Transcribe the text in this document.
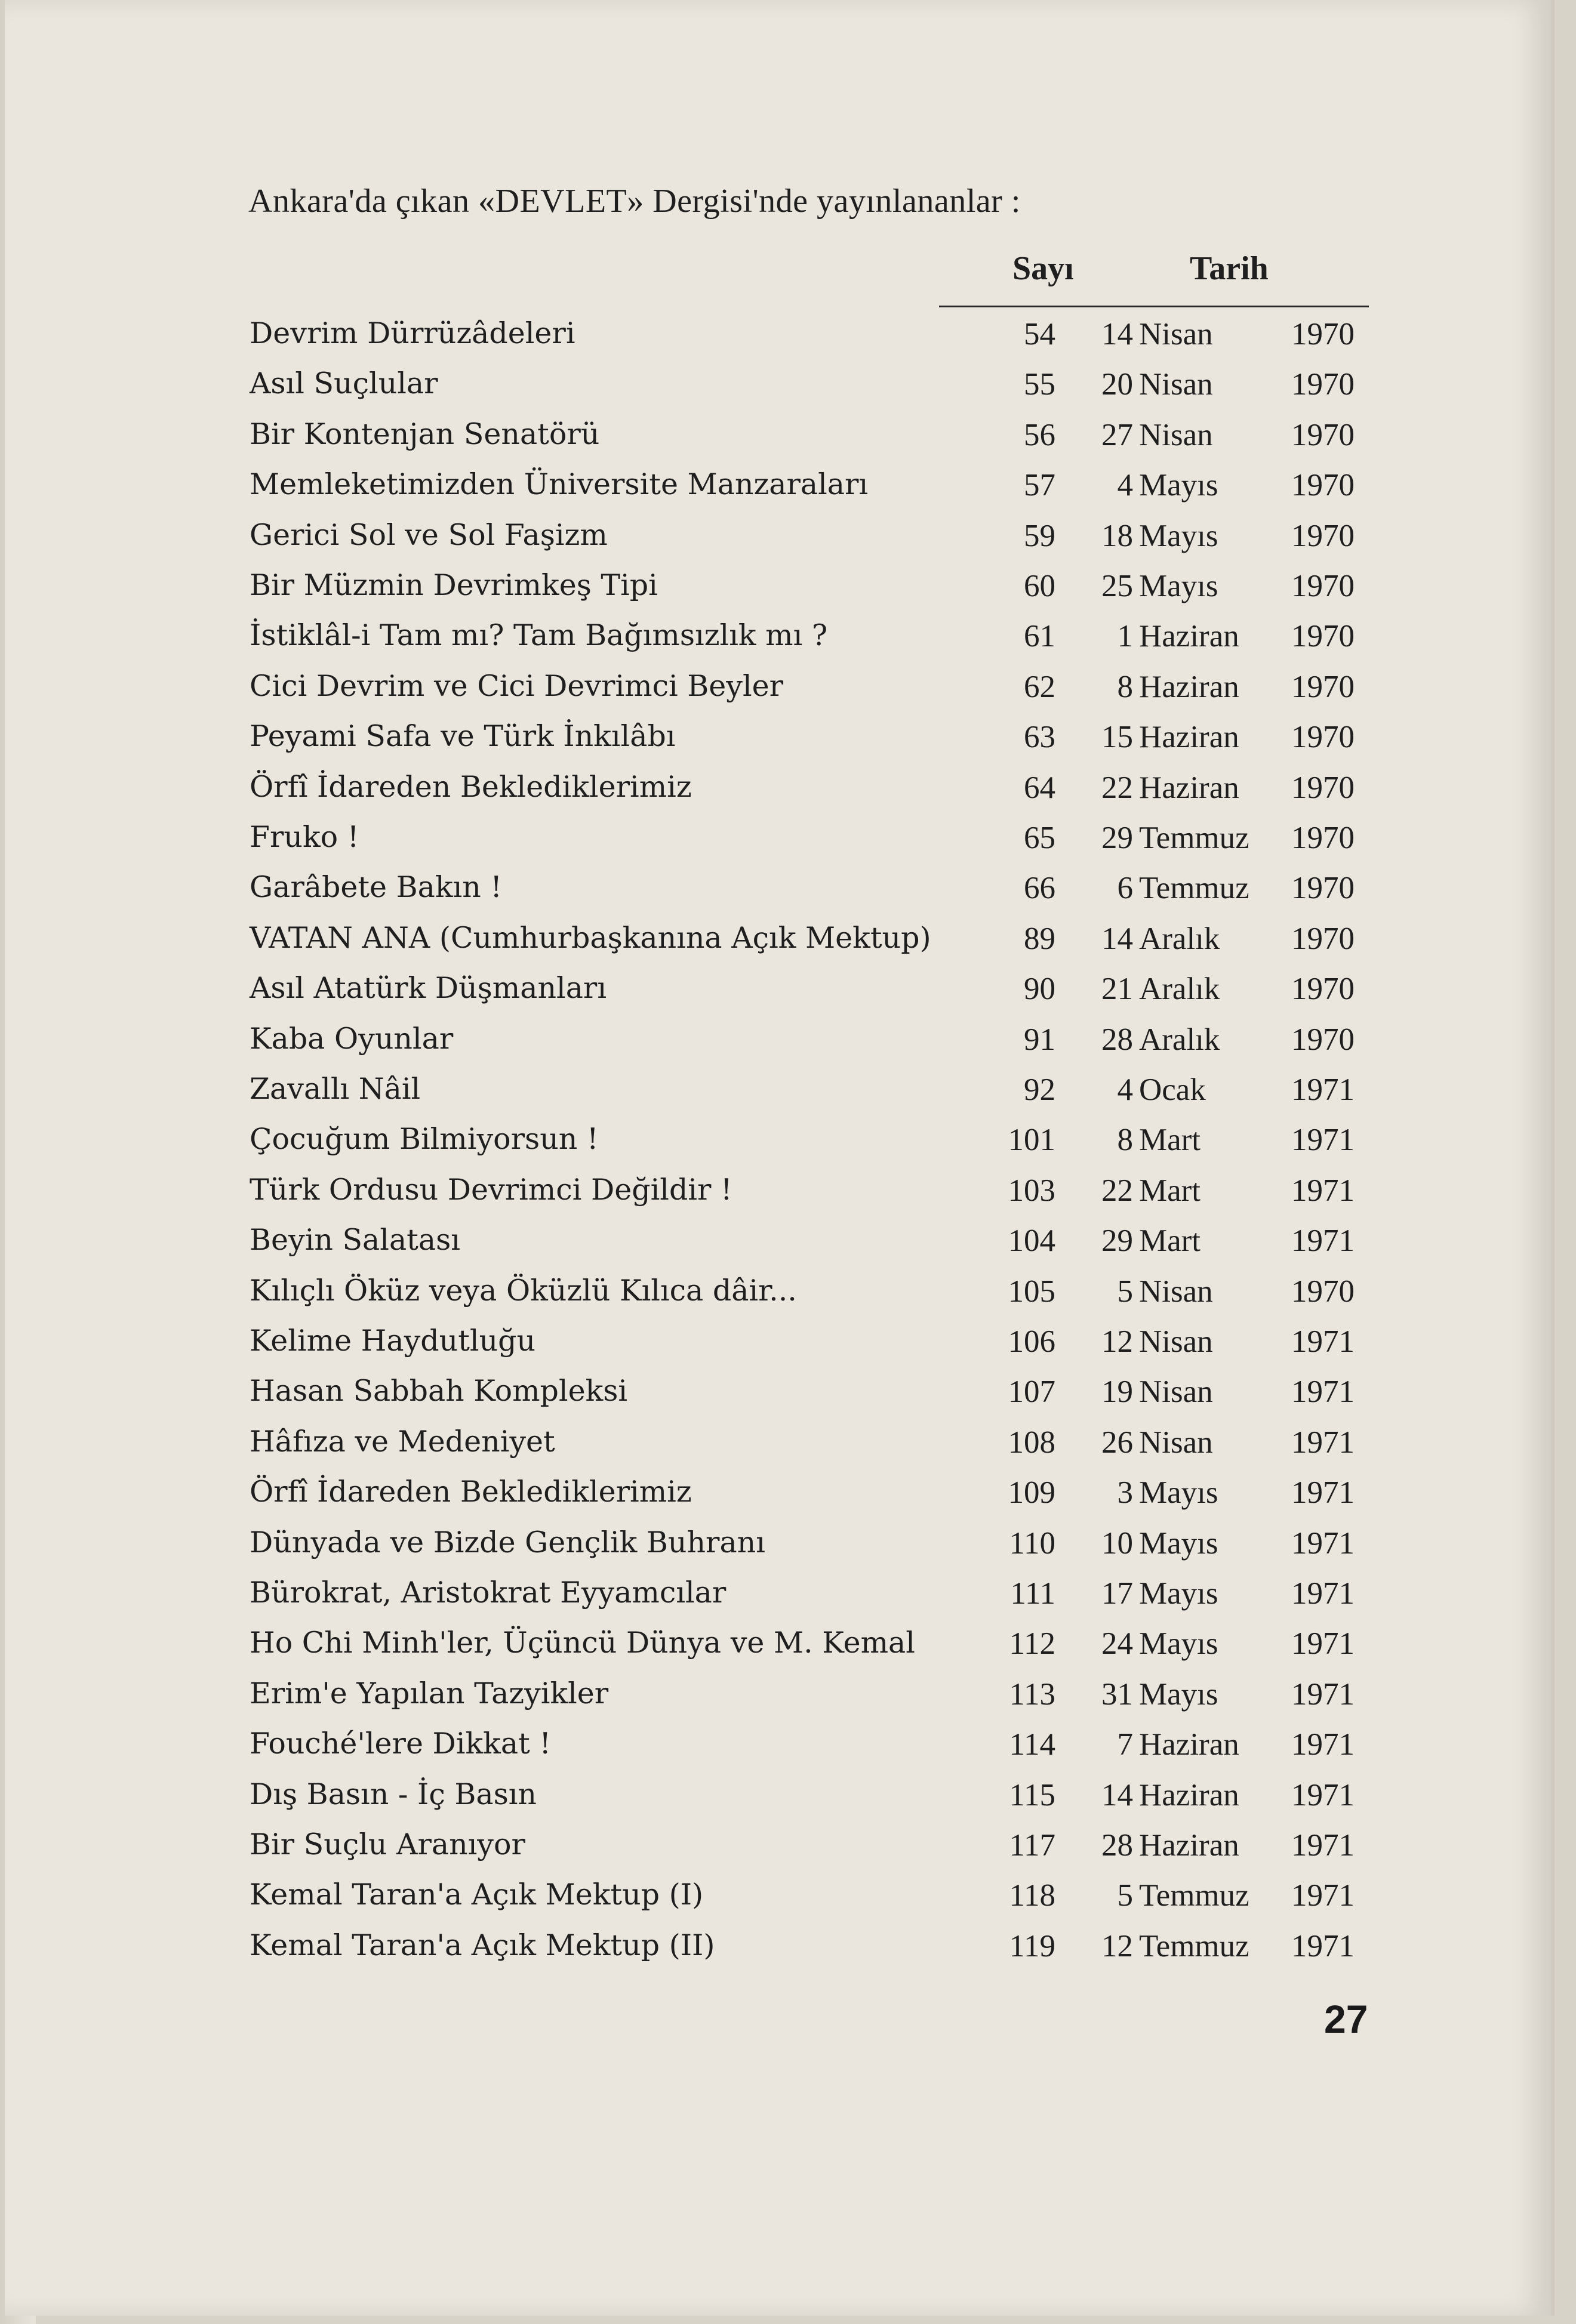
Ankara'da çıkan «DEVLET» Dergisi'nde yayınlananlar :
Sayı	Tarih
Devrim Dürrüzâdeleri	54	14 Nisan 1970
Asıl Suçlular	55	20 Nisan 1970
Bir Kontenjan Senatörü	56	27 Nisan 1970
Memleketimizden Üniversite Manzaraları	57	4 Mayıs 1970
Gerici Sol ve Sol Faşizm	59	18 Mayıs 1970
Bir Müzmin Devrimkeş Tipi	60	25 Mayıs 1970
İstiklâl-i Tam mı? Tam Bağımsızlık mı ?	61	1 Haziran 1970
Cici Devrim ve Cici Devrimci Beyler	62	8 Haziran 1970
Peyami Safa ve Türk İnkılâbı	63	15 Haziran 1970
Örfî İdareden Beklediklerimiz	64	22 Haziran 1970
Fruko !	65	29 Temmuz 1970
Garâbete Bakın !	66	6 Temmuz 1970
VATAN ANA (Cumhurbaşkanına Açık Mektup)	89	14 Aralık 1970
Asıl Atatürk Düşmanları	90	21 Aralık 1970
Kaba Oyunlar	91	28 Aralık 1970
Zavallı Nâil	92	4 Ocak	1971
Çocuğum Bilmiyorsun !	101	8 Mart	1971
Türk Ordusu Devrimci Değildir !	103	22 Mart	1971
Beyin Salatası	104	29 Mart	1971
Kılıçlı Öküz veya Öküzlü Kılıca dâir...	105	5 Nisan 1970
Kelime Haydutluğu	106	12 Nisan 1971
Hasan Sabbah Kompleksi	107	19 Nisan 1971
Hâfıza ve Medeniyet	108	26 Nisan 1971
Örfî İdareden Beklediklerimiz	109	3 Mayıs 1971
Dünyada ve Bizde Gençlik Buhranı	110	10 Mayıs 1971
Bürokrat, Aristokrat Eyyamcılar	111	17 Mayıs 1971
Ho Chi Minh'ler, Üçüncü Dünya ve M. Kemal	112	24 Mayıs 1971
Erim'e Yapılan Tazyikler	113	31 Mayıs 1971
Fouché'lere Dikkat !	114	7 Haziran 1971
Dış Basın - İç Basın	115	14 Haziran 1971
Bir Suçlu Aranıyor	117	28 Haziran 1971
Kemal Taran'a Açık Mektup (I)	118	5 Temmuz 1971
Kemal Taran'a Açık Mektup (II)	119	12 Temmuz 1971
27
